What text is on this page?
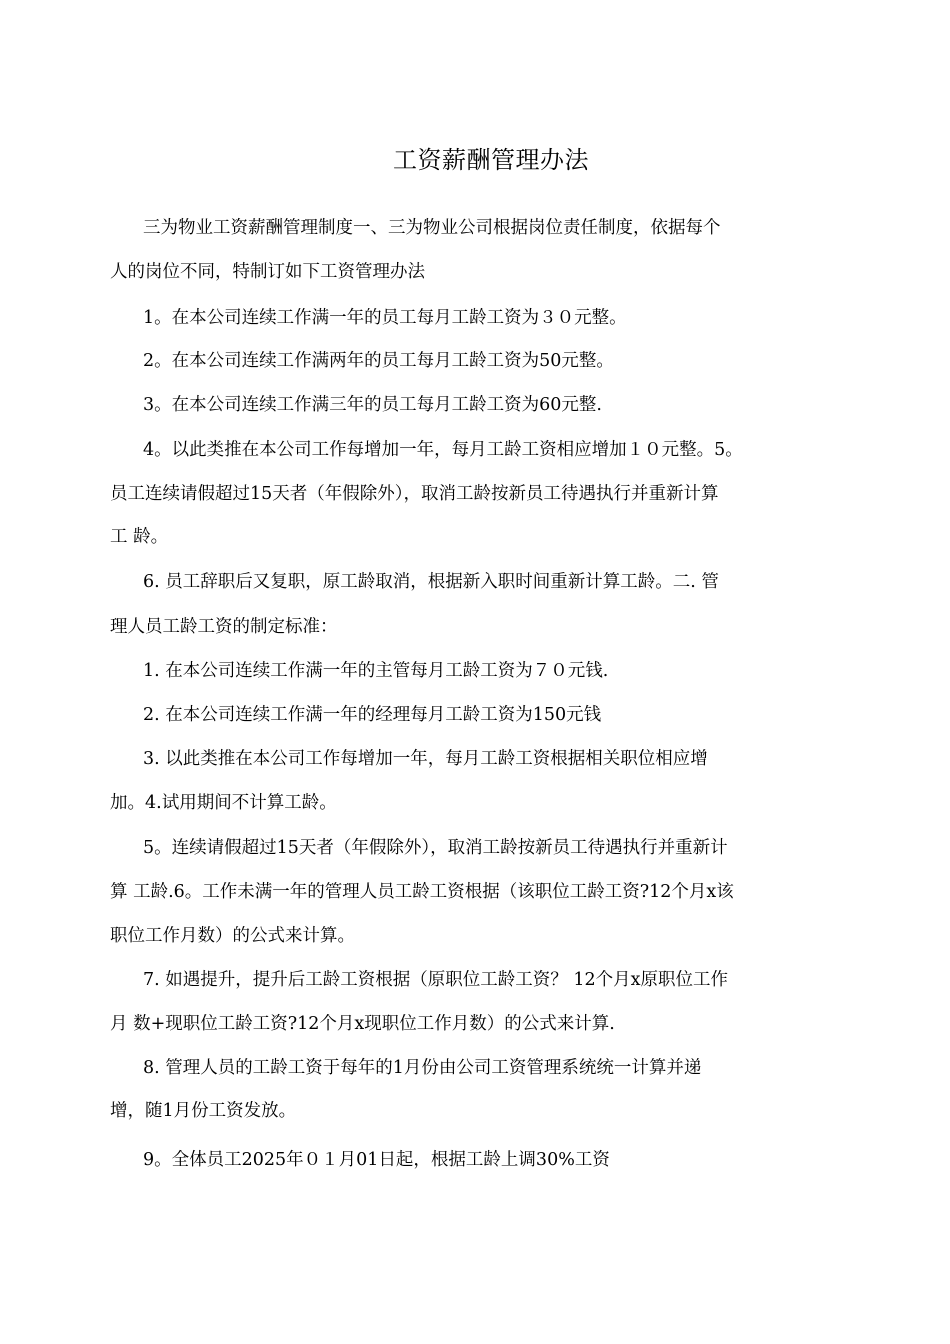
工资薪酬管理办法
三为物业工资薪酬管理制度一、三为物业公司根据岗位责任制度，依据每个
人的岗位不同，特制订如下工资管理办法
1。在本公司连续工作满一年的员工每月工龄工资为３０元整。
2。在本公司连续工作满两年的员工每月工龄工资为50元整。
3。在本公司连续工作满三年的员工每月工龄工资为60元整.
4。以此类推在本公司工作每增加一年，每月工龄工资相应增加１０元整。5。
员工连续请假超过15天者（年假除外），取消工龄按新员工待遇执行并重新计算
工 龄。
6. 员工辞职后又复职，原工龄取消，根据新入职时间重新计算工龄。二. 管
理人员工龄工资的制定标准：
1. 在本公司连续工作满一年的主管每月工龄工资为７０元钱.
2. 在本公司连续工作满一年的经理每月工龄工资为150元钱
3. 以此类推在本公司工作每增加一年，每月工龄工资根据相关职位相应增
加。4.试用期间不计算工龄。
5。连续请假超过15天者（年假除外），取消工龄按新员工待遇执行并重新计
算 工龄.6。工作未满一年的管理人员工龄工资根据（该职位工龄工资?12个月x该
职位工作月数）的公式来计算。
7. 如遇提升，提升后工龄工资根据（原职位工龄工资？ 12个月x原职位工作
月 数+现职位工龄工资?12个月x现职位工作月数）的公式来计算.
8. 管理人员的工龄工资于每年的1月份由公司工资管理系统统一计算并递
增，随1月份工资发放。
9。全体员工2025年０１月01日起，根据工龄上调30%工资
